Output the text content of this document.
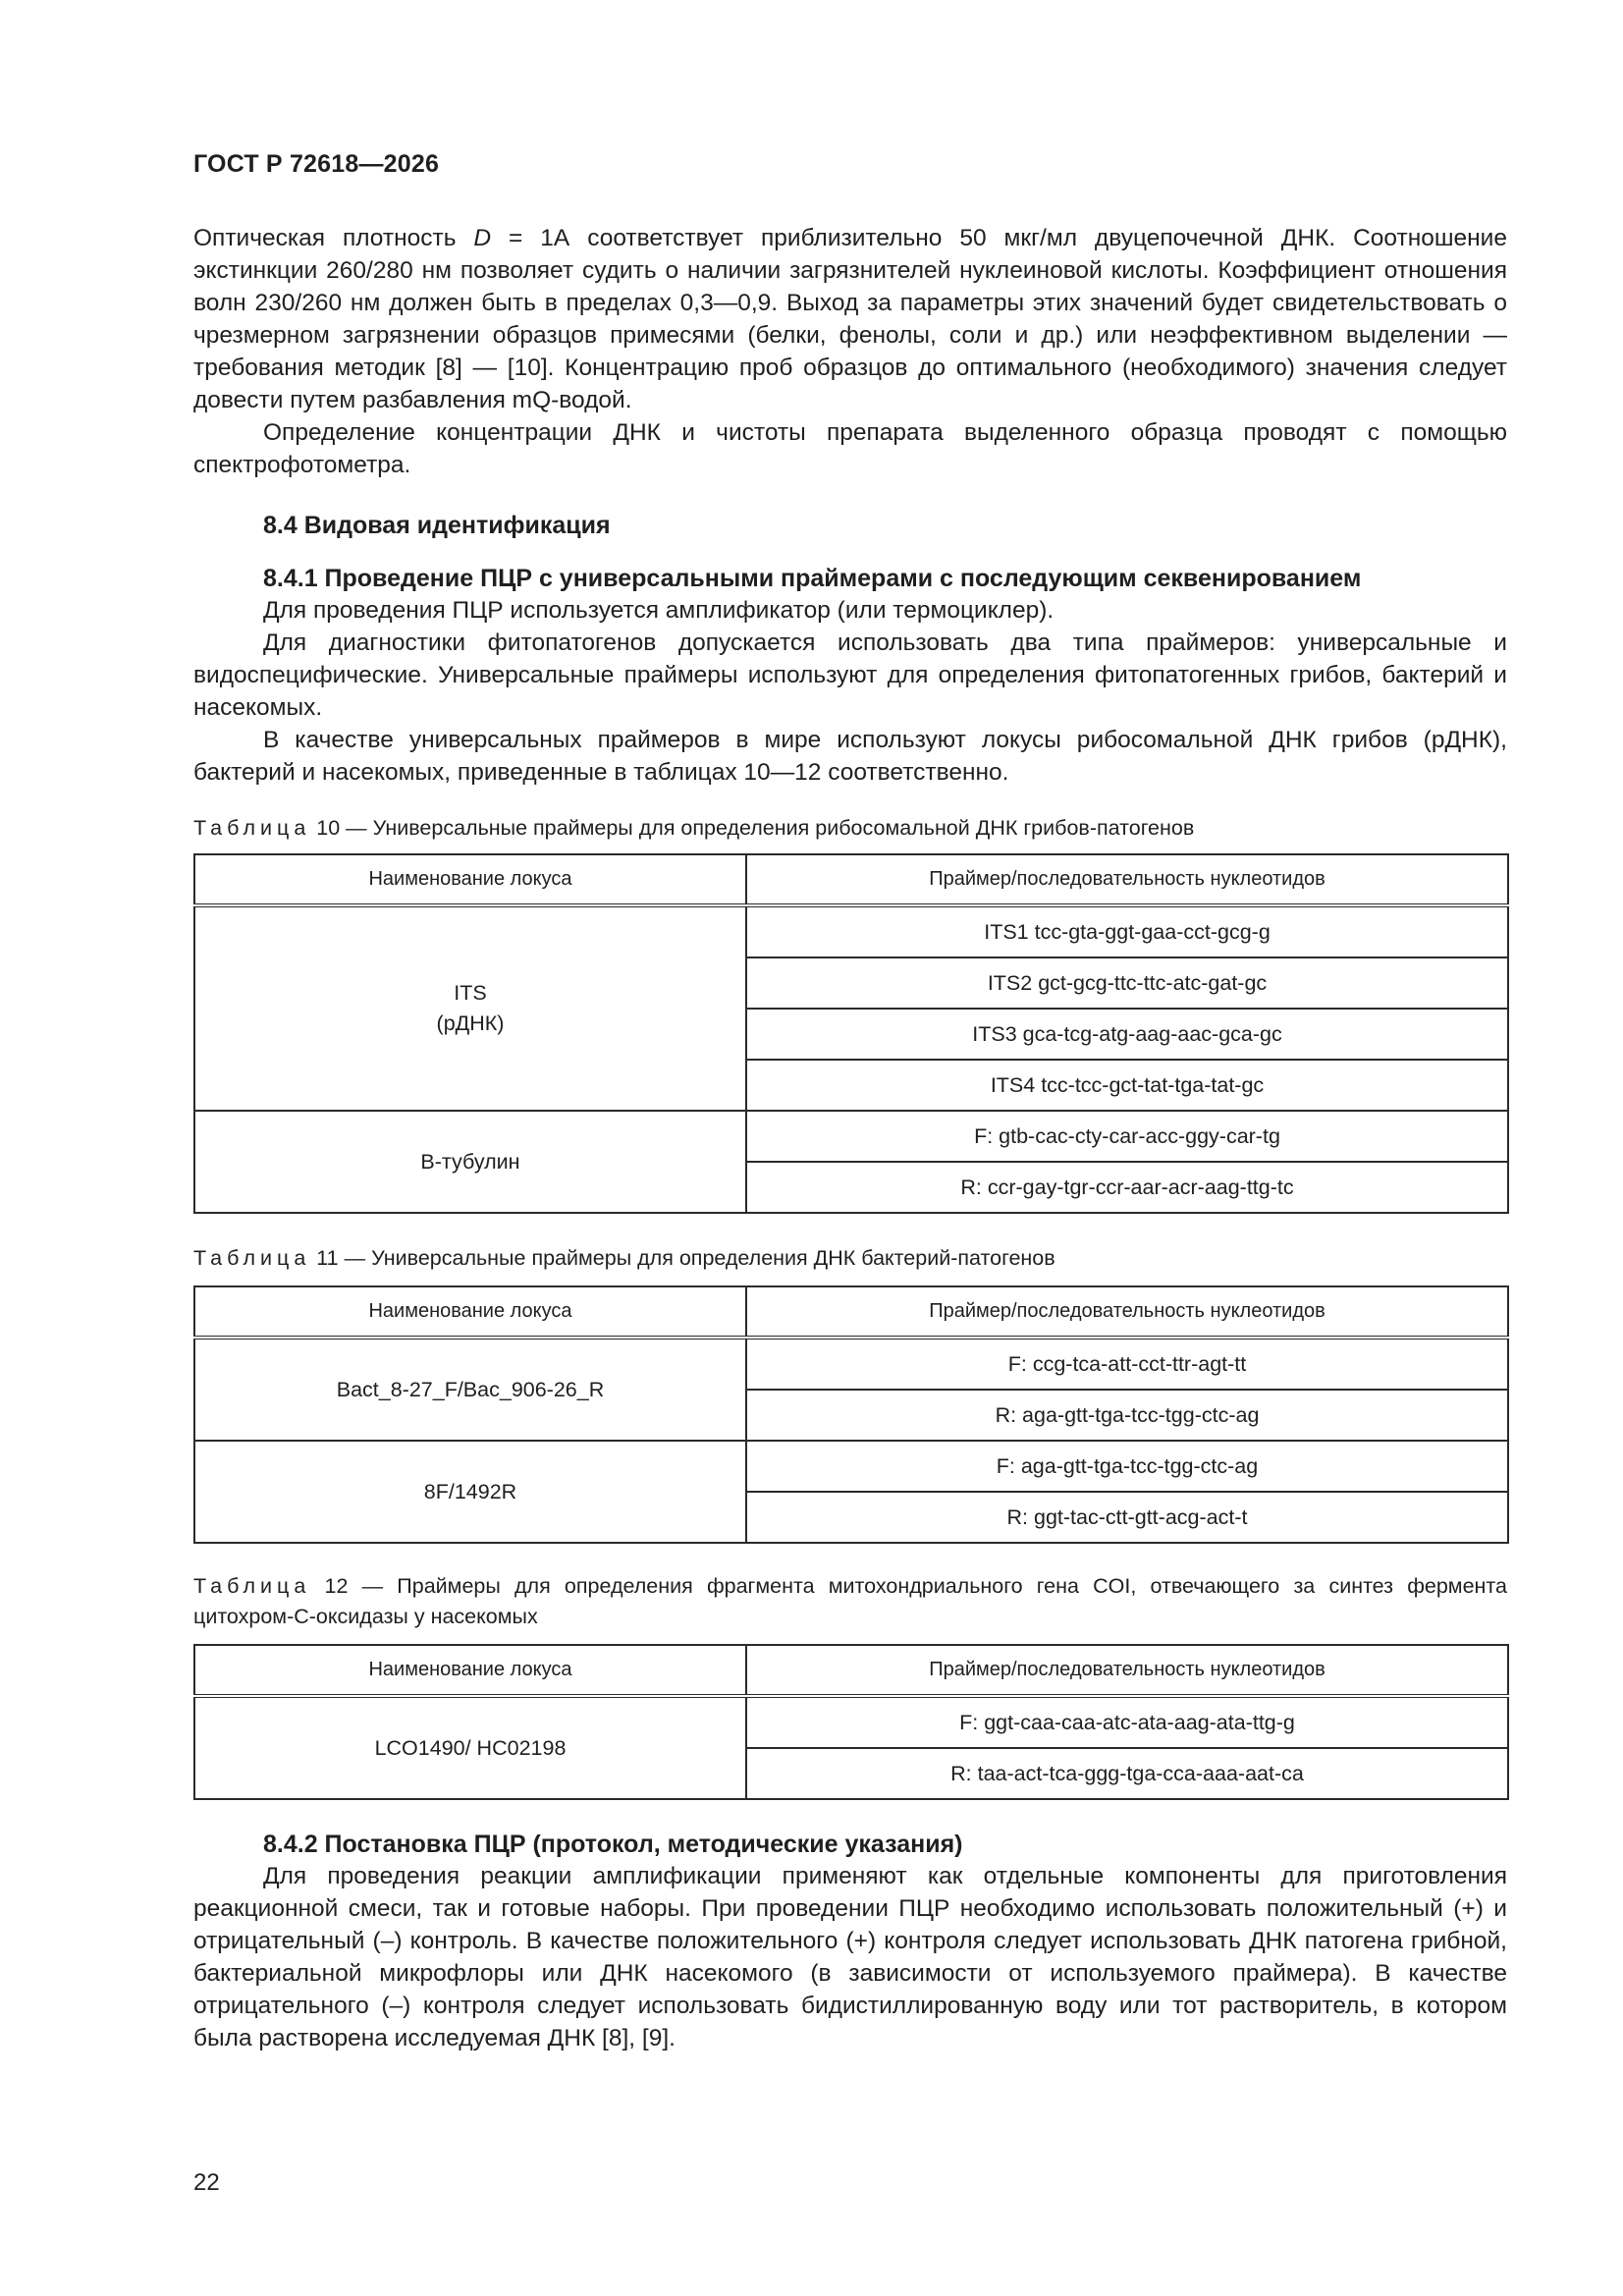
ГОСТ Р 72618—2026

Оптическая плотность D = 1А соответствует приблизительно 50 мкг/мл двуцепочечной ДНК. Соотношение экстинкции 260/280 нм позволяет судить о наличии загрязнителей нуклеиновой кислоты. Коэффициент отношения волн 230/260 нм должен быть в пределах 0,3—0,9. Выход за параметры этих значений будет свидетельствовать о чрезмерном загрязнении образцов примесями (белки, фенолы, соли и др.) или неэффективном выделении — требования методик [8] — [10]. Концентрацию проб образцов до оптимального (необходимого) значения следует довести путем разбавления mQ-водой.

Определение концентрации ДНК и чистоты препарата выделенного образца проводят с помощью спектрофотометра.

8.4 Видовая идентификация

8.4.1 Проведение ПЦР с универсальными праймерами с последующим секвенированием

Для проведения ПЦР используется амплификатор (или термоциклер).

Для диагностики фитопатогенов допускается использовать два типа праймеров: универсальные и видоспецифические. Универсальные праймеры используют для определения фитопатогенных грибов, бактерий и насекомых.

В качестве универсальных праймеров в мире используют локусы рибосомальной ДНК грибов (рДНК), бактерий и насекомых, приведенные в таблицах 10—12 соответственно.

Таблица 10 — Универсальные праймеры для определения рибосомальной ДНК грибов-патогенов

Наименование локуса	Праймер/последовательность нуклеотидов
ITS
(рДНК)	ITS1 tcc-gta-ggt-gaa-cct-gcg-g
	ITS2 gct-gcg-ttc-ttc-atc-gat-gc
	ITS3 gca-tcg-atg-aag-aac-gca-gc
	ITS4 tcc-tcc-gct-tat-tga-tat-gc
B-тубулин	F: gtb-cac-cty-car-acc-ggy-car-tg
	R: ccr-gay-tgr-ccr-aar-acr-aag-ttg-tc

Таблица 11 — Универсальные праймеры для определения ДНК бактерий-патогенов

Наименование локуса	Праймер/последовательность нуклеотидов
Bact_8-27_F/Bac_906-26_R	F: ccg-tca-att-cct-ttr-agt-tt
	R: aga-gtt-tga-tcc-tgg-ctc-ag
8F/1492R	F: aga-gtt-tga-tcc-tgg-ctc-ag
	R: ggt-tac-ctt-gtt-acg-act-t

Таблица 12 — Праймеры для определения фрагмента митохондриального гена COI, отвечающего за синтез фермента цитохром-С-оксидазы у насекомых

Наименование локуса	Праймер/последовательность нуклеотидов
LCO1490/ HC02198	F: ggt-caa-caa-atc-ata-aag-ata-ttg-g
	R: taa-act-tca-ggg-tga-cca-aaa-aat-ca

8.4.2 Постановка ПЦР (протокол, методические указания)

Для проведения реакции амплификации применяют как отдельные компоненты для приготовления реакционной смеси, так и готовые наборы. При проведении ПЦР необходимо использовать положительный (+) и отрицательный (–) контроль. В качестве положительного (+) контроля следует использовать ДНК патогена грибной, бактериальной микрофлоры или ДНК насекомого (в зависимости от используемого праймера). В качестве отрицательного (–) контроля следует использовать бидистиллированную воду или тот растворитель, в котором была растворена исследуемая ДНК [8], [9].

22
